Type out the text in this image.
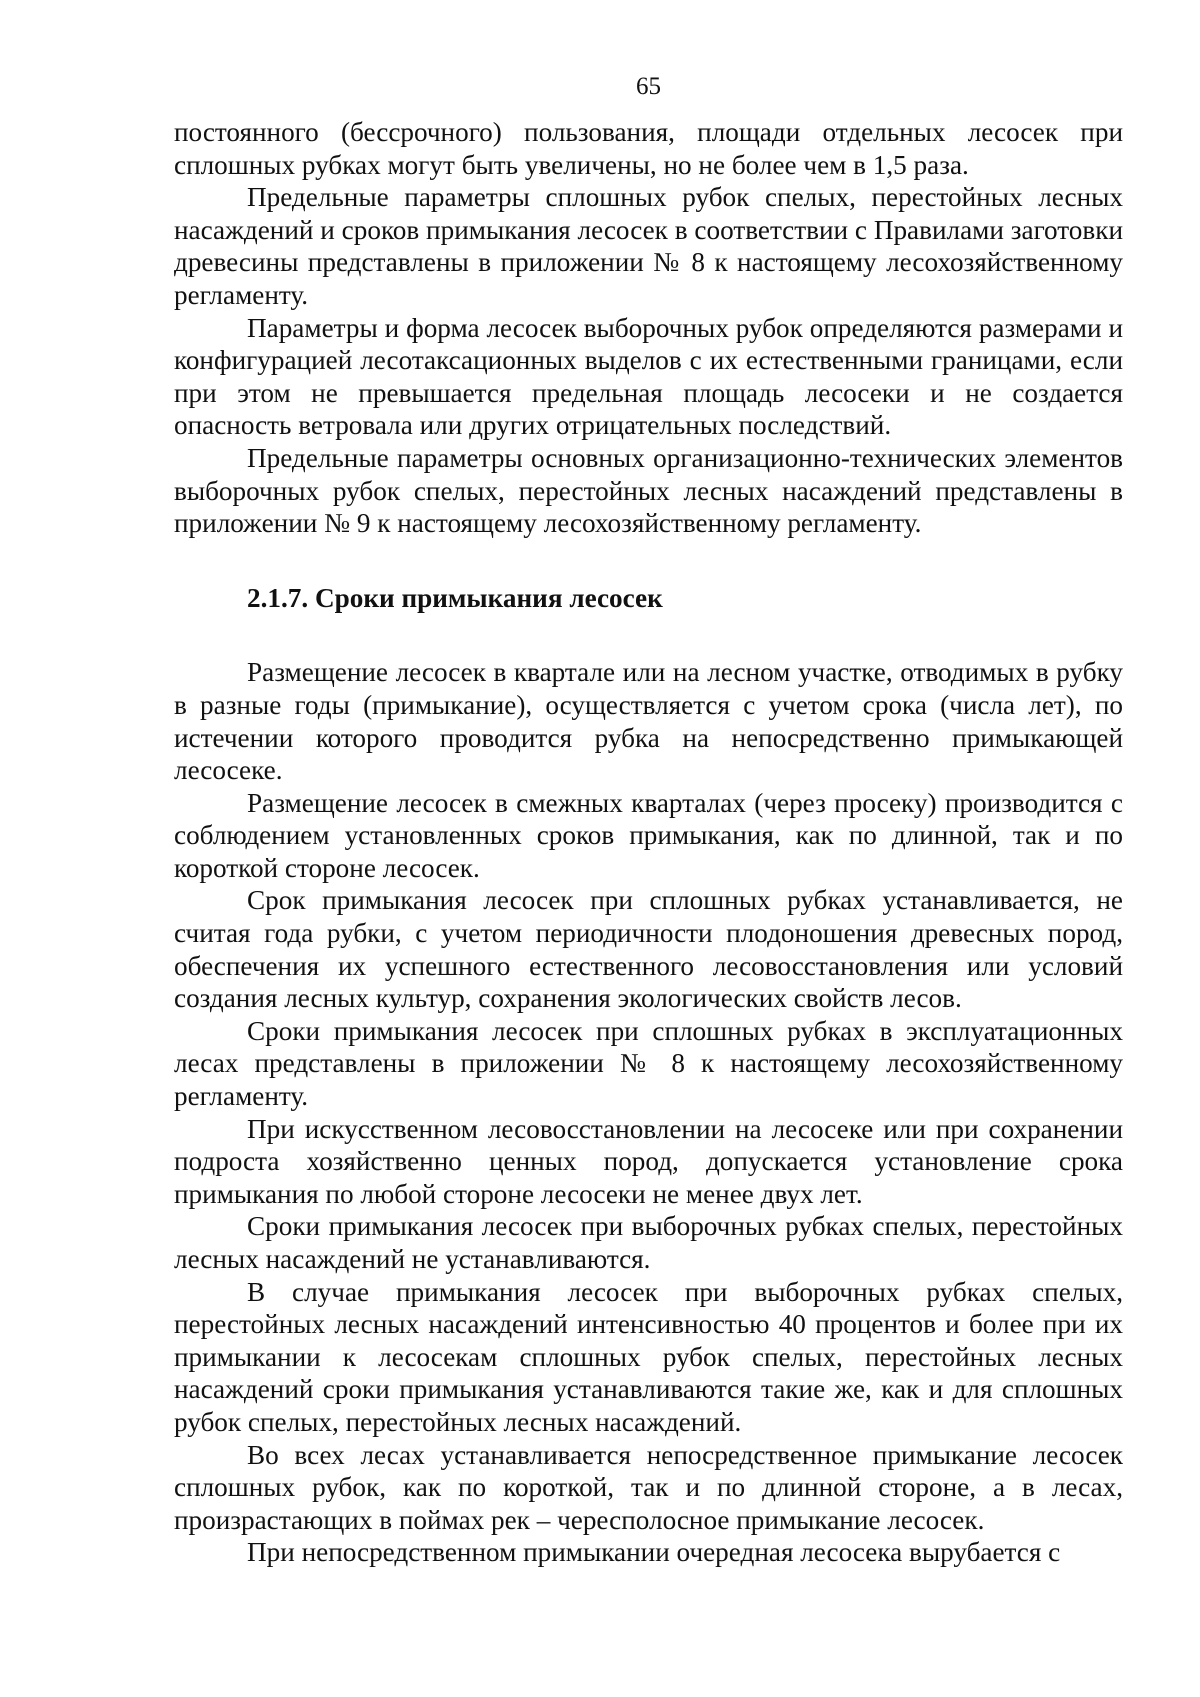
65

постоянного (бессрочного) пользования, площади отдельных лесосек при сплошных рубках могут быть увеличены, но не более чем в 1,5 раза.

Предельные параметры сплошных рубок спелых, перестойных лесных насаждений и сроков примыкания лесосек в соответствии с Правилами заготовки древесины представлены в приложении № 8 к настоящему лесохозяйственному регламенту.

Параметры и форма лесосек выборочных рубок определяются размерами и конфигурацией лесотаксационных выделов с их естественными границами, если при этом не превышается предельная площадь лесосеки и не создается опасность ветровала или других отрицательных последствий.

Предельные параметры основных организационно-технических элементов выборочных рубок спелых, перестойных лесных насаждений представлены в приложении № 9 к настоящему лесохозяйственному регламенту.

2.1.7. Сроки примыкания лесосек

Размещение лесосек в квартале или на лесном участке, отводимых в рубку в разные годы (примыкание), осуществляется с учетом срока (числа лет), по истечении которого проводится рубка на непосредственно примыкающей лесосеке.

Размещение лесосек в смежных кварталах (через просеку) производится с соблюдением установленных сроков примыкания, как по длинной, так и по короткой стороне лесосек.

Срок примыкания лесосек при сплошных рубках устанавливается, не считая года рубки, с учетом периодичности плодоношения древесных пород, обеспечения их успешного естественного лесовосстановления или условий создания лесных культур, сохранения экологических свойств лесов.

Сроки примыкания лесосек при сплошных рубках в эксплуатационных лесах представлены в приложении № 8 к настоящему лесохозяйственному регламенту.

При искусственном лесовосстановлении на лесосеке или при сохранении подроста хозяйственно ценных пород, допускается установление срока примыкания по любой стороне лесосеки не менее двух лет.

Сроки примыкания лесосек при выборочных рубках спелых, перестойных лесных насаждений не устанавливаются.

В случае примыкания лесосек при выборочных рубках спелых, перестойных лесных насаждений интенсивностью 40 процентов и более при их примыкании к лесосекам сплошных рубок спелых, перестойных лесных насаждений сроки примыкания устанавливаются такие же, как и для сплошных рубок спелых, перестойных лесных насаждений.

Во всех лесах устанавливается непосредственное примыкание лесосек сплошных рубок, как по короткой, так и по длинной стороне, а в лесах, произрастающих в поймах рек – чересполосное примыкание лесосек.

При непосредственном примыкании очередная лесосека вырубается с
